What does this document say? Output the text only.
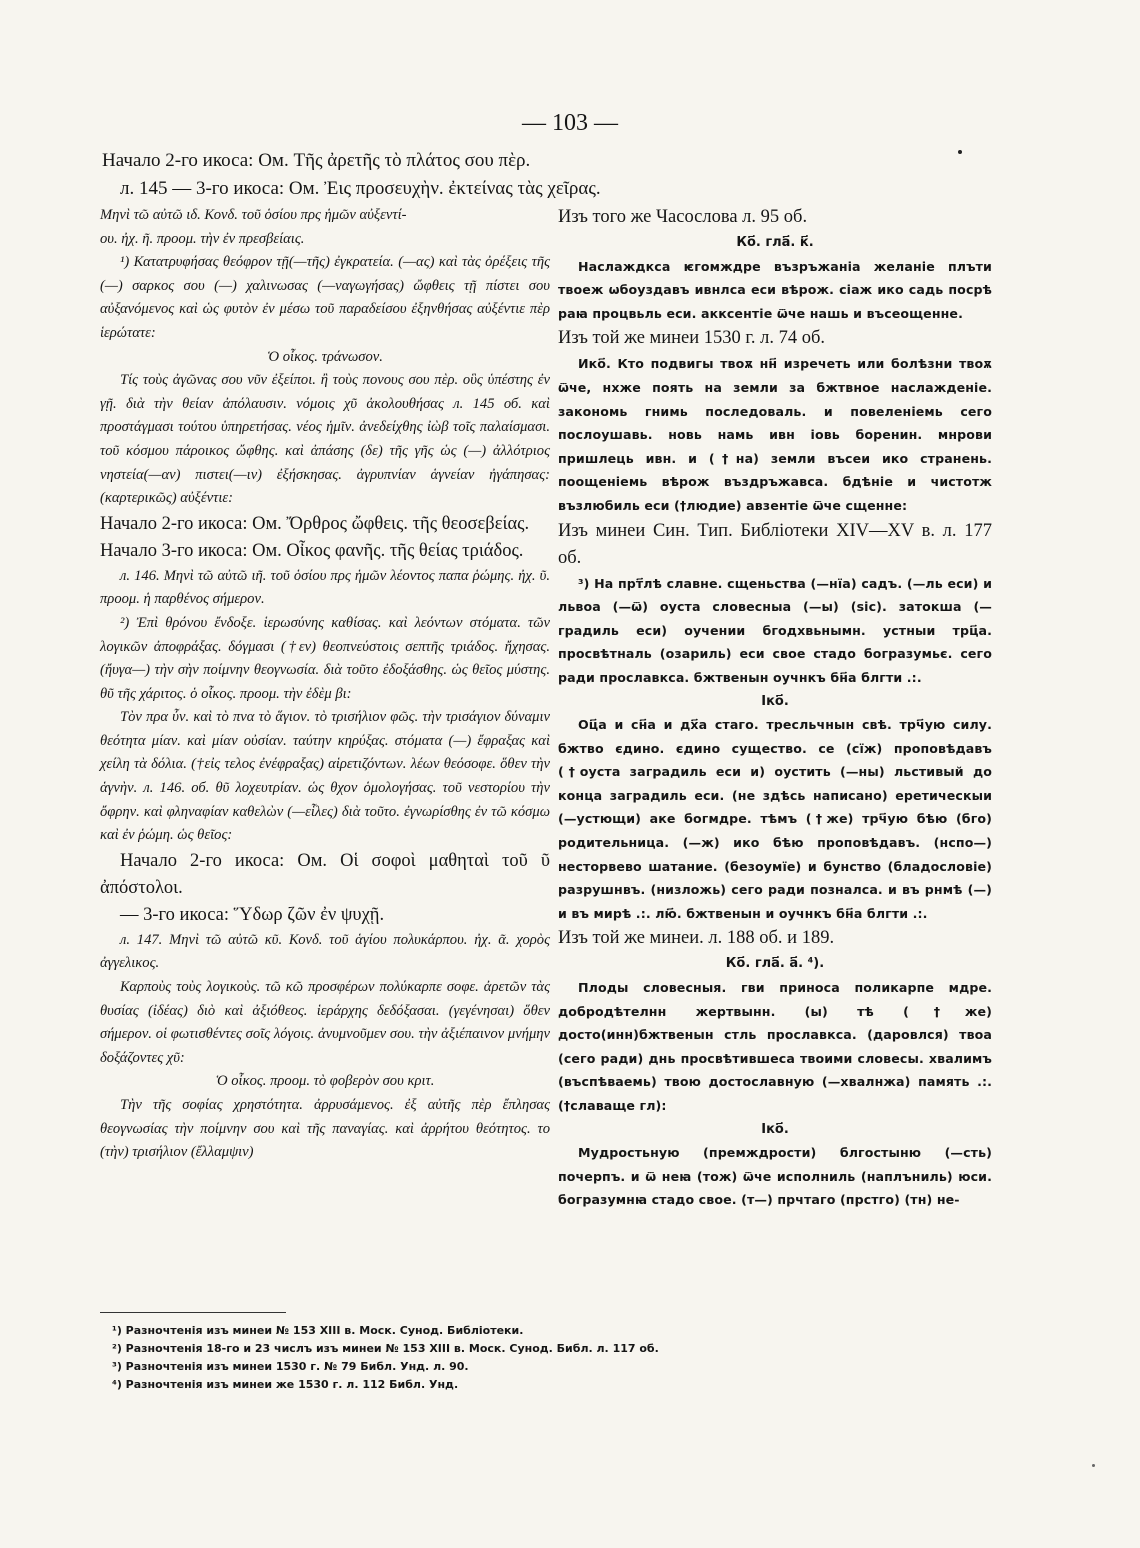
— 103 —
Начало 2-го икоса: Ом. Τῆς ἀρετῆς τὸ πλάτος σου πὲρ.
л. 145 — 3-го икоса: Ом. Ἐις προσευχὴν. ἐκτείνας τὰς χεῖρας.

Μηνὶ τῶ αὐτῶ ιδ. Κονδ. τοῦ ὁσίου πρς ἡμῶν αὐξεντί-

ου. ἠχ. ῆ. προομ. τὴν ἐν πρεσβείαις.

¹) Κατατρυφήσας θεόφρον τῇ(—τῆς) ἐγκρατεία. (—ας) καὶ τὰς ὀρέξεις τῆς (—) σαρκος σου (—) χαλινωσας (—ναγωγήσας) ὤφθεις τῇ πίστει σου αὐξανόμενος καὶ ὡς φυτὸν ἐν μέσω τοῦ παραδείσου ἐξηνθήσας αὐξέντιε πὲρ ἱερώτατε:

Ὁ οἶκος. τράνωσον.

Τίς τοὺς ἀγῶνας σου νῦν ἐξείποι. ἢ τοὺς πονους σου πὲρ. οὓς ὑπέστης ἐν γῇ. διὰ τὴν θείαν ἀπόλαυσιν. νόμοις χῦ ἀκολουθήσας л. 145 об. καὶ προστάγμασι τούτου ὑπηρετήσας. νέος ἡμῖν. ἀνεδείχθης ἰὼβ τοῖς παλαίσμασι. τοῦ κόσμου πάροικος ὤφθης. καὶ ἀπάσης (δε) τῆς γῆς ὡς (—) ἀλλότριος νηστεία(—αν) πιστει(—ιν) ἐξήσκησας. ἀγρυπνίαν ἁγνείαν ἠγάπησας: (καρτερικῶς) αὐξέντιε:

Начало 2-го икоса: Ом. Ὄρθρος ὤφθεις. τῆς θεοσεβείας.

Начало 3-го икоса: Ом. Οἶκος φανῆς. τῆς θείας τριάδος.

л. 146. Μηνὶ τῶ αὐτῶ ιῆ. τοῦ ὁσίου πρς ἡμῶν λέοντος παπα ῥώμης. ἠχ. ῦ. προομ. ἡ παρθένος σήμερον.

²) Ἐπὶ θρόνου ἔνδοξε. ἱερωσύνης καθίσας. καὶ λεόντων στόματα. τῶν λογικῶν ἀποφράξας. δόγμασι (†εν) θεοπνεύστοις σεπτῆς τριάδος. ἤχησας. (ἤυγα—) τὴν σὴν ποίμνην θεογνωσία. διὰ τοῦτο ἐδοξάσθης. ὡς θεῖος μύστης. θῦ τῆς χάριτος. ὁ οἶκος. προομ. τὴν ἐδὲμ βι:

Τὸν πρα ὖν. καὶ τὸ πνα τὸ ἅγιον. τὸ τρισήλιον φῶς. τὴν τρισάγιον δύναμιν θεότητα μίαν. καὶ μίαν οὐσίαν. ταύτην κηρύξας. στόματα (—) ἔφραξας καὶ χείλη τὰ δόλια. (†εἰς τελος ἐνέφραξας) αἱρετιζόντων. λέων θεόσοφε. ὅθεν τὴν ἁγνὴν. л. 146. об. θῦ λοχευτρίαν. ὡς θχον ὁμολογήσας. τοῦ νεστορίου τὴν ὄφρην. καὶ φληναφίαν καθελὼν (—εἷλες) διὰ τοῦτο. ἐγνωρίσθης ἐν τῶ κόσμω καὶ ἐν ῥώμη. ὡς θεῖος:

Начало 2-го икоса: Ом. Οἱ σοφοὶ μαθηταὶ τοῦ ῦ ἀπόστολοι.

— 3-го икоса: Ὕδωρ ζῶν ἐν ψυχῇ.

л. 147. Μηνὶ τῶ αὐτῶ κῦ. Κονδ. τοῦ ἁγίου πολυκάρπου. ἠχ. ᾶ. χορὸς ἀγγελικος.

Καρποὺς τοὺς λογικοὺς. τῶ κῶ προσφέρων πολύκαρπε σοφε. ἀρετῶν τὰς θυσίας (ἰδέας) διὸ καὶ ἀξιόθεος. ἱεράρχης δεδόξασαι. (γεγένησαι) ὅθεν σήμερον. οἱ φωτισθέντες σοῖς λόγοις. ἀνυμνοῦμεν σου. τὴν ἀξιέπαινον μνήμην δοξάζοντες χῦ:

Ὁ οἶκος. προομ. τὸ φοβερὸν σου κριτ.

Τὴν τῆς σοφίας χρηστότητα. ἀρρυσάμενος. ἐξ αὐτῆς πὲρ ἔπλησας θεογνωσίας τὴν ποίμνην σου καὶ τῆς παναγίας. καὶ ἀρρήτου θεότητος. το (τὴν) τρισήλιον (ἔλλαμψιν)

Изъ того же Часослова л. 95 об.

Ко҃. гла҃. к҃.

Наслаждкса ѥгомждре възръжаніа желаніе плъти твоеж ѡбоуздавъ ивнлса еси вѣрож. сіаж ико садь посрѣ раꙗ процвьль еси. акксентіе ѿче нашь и въсеощенне.

Изъ той же минеи 1530 г. л. 74 об.

Ико҃. Кто подвигы твоѫ нн҃ изречеть или болѣзни твоѫ ѿче, нхже поять на земли за бжтвное наслажденіе. закономь гнимь последоваль. и повеленіемь сего послоушавь. новь намь ивн іовь боренин. мнрови пришлець ивн. и (†на) земли въсеи ико странень. поощеніемь вѣрож въздръжавса. бдѣніе и чистотж възлюбиль еси (†людие) авзентіе ѿче сщенне:

Изъ минеи Син. Тип. Библіотеки XIV—XV в. л. 177 об.

³) На прт҃лѣ славне. сщеньства (—нїа) садъ. (—ль еси) и львоа (—ѿ) оуста словесныа (—ы) (sic). затокша (—градиль еси) оучении бгодхвьнымн. устныи трц҃а. просвѣтналь (озариль) еси свое стадо богразумьє. сего ради прославкса. бжтвенын оучнкъ бн҃а блгти .:.

Іко҃.

Оц҃а и сн҃а и дх҃а стаго. тресльчнын свѣ. трч҃ую силу. бжтво єдино. єдино существо. се (сїж) проповѣдавъ (†оуста заградиль еси и) оустить (—ны) льстивый до конца заградиль еси. (не здѣсь написано) еретическыи (—устющи) аке богмдре. тѣмъ (†же) трч҃ую бѣю (бго) родительница. (—ж) ико бѣю проповѣдавъ. (нспо—) несторвево шатание. (безоумїе) и бунство (бладословіе) разрушнвъ. (низложь) сего ради позналса. и въ рнмѣ (—) и въ мирѣ .:. лю҃. бжтвенын и оучнкъ бн҃а блгти .:.

Изъ той же минеи. л. 188 об. и 189.

Ко҃. гла҃. а҃. ⁴).

Плоды словесныя. гви приноса поликарпе мдре. добродѣтелнн жертвынн. (ы) тѣ (†же) досто(инн)бжтвенын стль прославкса. (даровлся) твоа (сего ради) днь просвѣтившеса твоими словесы. хвалимъ (въспѣваемь) твою достославную (—хвалнжа) память .:. (†славаще гл):

Іко҃.

Мудростьную (премждрости) блгостыню (—сть) почерпъ. и ѿ неꙗ (тож) ѿче исполниль (наплъниль) юси. богразумнꙗ стадо свое. (т—) прчтаго (прстго) (тн) не-

¹) Разночтенія изъ минеи № 153 XIII в. Моск. Сунод. Библіотеки.
²) Разночтенія 18-го и 23 числъ изъ минеи № 153 XIII в. Моск. Сунод. Библ. л. 117 об.
³) Разночтенія изъ минеи 1530 г. № 79 Библ. Унд. л. 90.
⁴) Разночтенія изъ минеи же 1530 г. л. 112 Библ. Унд.
